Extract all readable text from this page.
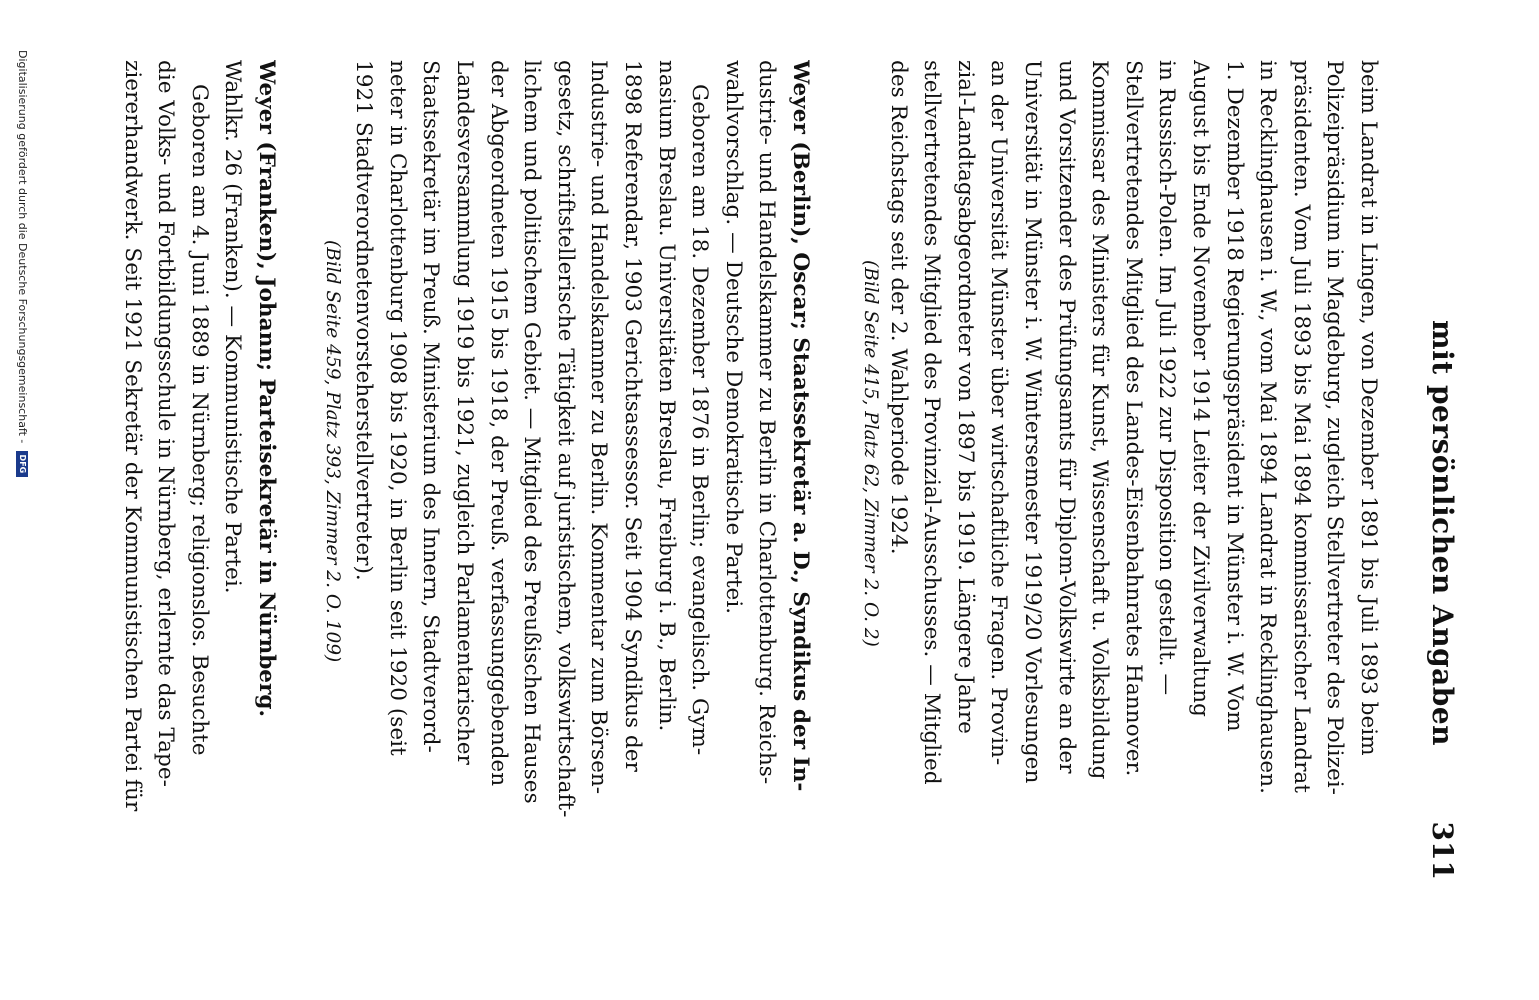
mit persönlichen Angaben
311
beim Landrat in Lingen, von Dezember 1891 bis Juli 1893 beim
Polizeipräsidium in Magdeburg, zugleich Stellvertreter des Polizei-
präsidenten. Vom Juli 1893 bis Mai 1894 kommissarischer Landrat
in Recklinghausen i. W., vom Mai 1894 Landrat in Recklinghausen.
1. Dezember 1918 Regierungspräsident in Münster i. W. Vom
August bis Ende November 1914 Leiter der Zivilverwaltung
in Russisch-Polen. Im Juli 1922 zur Disposition gestellt. —
Stellvertretendes Mitglied des Landes-Eisenbahnrates Hannover.
Kommissar des Ministers für Kunst, Wissenschaft u. Volksbildung
und Vorsitzender des Prüfungsamts für Diplom-Volkswirte an der
Universität in Münster i. W. Wintersemester 1919/20 Vorlesungen
an der Universität Münster über wirtschaftliche Fragen. Provin-
zial-Landtagsabgeordneter von 1897 bis 1919. Längere Jahre
stellvertretendes Mitglied des Provinzial-Ausschusses. — Mitglied
des Reichstags seit der 2. Wahlperiode 1924.
(Bild Seite 415, Platz 62, Zimmer 2. O. 2)
Weyer (Berlin), Oscar; Staatssekretär a. D., Syndikus der In-
dustrie- und Handelskammer zu Berlin in Charlottenburg. Reichs-
wahlvorschlag. — Deutsche Demokratische Partei.
Geboren am 18. Dezember 1876 in Berlin; evangelisch. Gym-
nasium Breslau. Universitäten Breslau, Freiburg i. B., Berlin.
1898 Referendar, 1903 Gerichtsassessor. Seit 1904 Syndikus der
Industrie- und Handelskammer zu Berlin. Kommentar zum Börsen-
gesetz, schriftstellerische Tätigkeit auf juristischem, volkswirtschaft-
lichem und politischem Gebiet. — Mitglied des Preußischen Hauses
der Abgeordneten 1915 bis 1918, der Preuß. verfassunggebenden
Landesversammlung 1919 bis 1921, zugleich Parlamentarischer
Staatssekretär im Preuß. Ministerium des Innern, Stadtverord-
neter in Charlottenburg 1908 bis 1920, in Berlin seit 1920 (seit
1921 Stadtverordnetenvorsteherstellvertreter).
(Bild Seite 459, Platz 393, Zimmer 2. O. 109)
Weyer (Franken), Johann; Parteisekretär in Nürnberg.
Wahlkr. 26 (Franken). — Kommunistische Partei.
Geboren am 4. Juni 1889 in Nürnberg; religionslos. Besuchte
die Volks- und Fortbildungsschule in Nürnberg, erlernte das Tape-
ziererhandwerk. Seit 1921 Sekretär der Kommunistischen Partei für
Digitalisierung gefördert durch die Deutsche Forschungsgemeinschaft - DFG
